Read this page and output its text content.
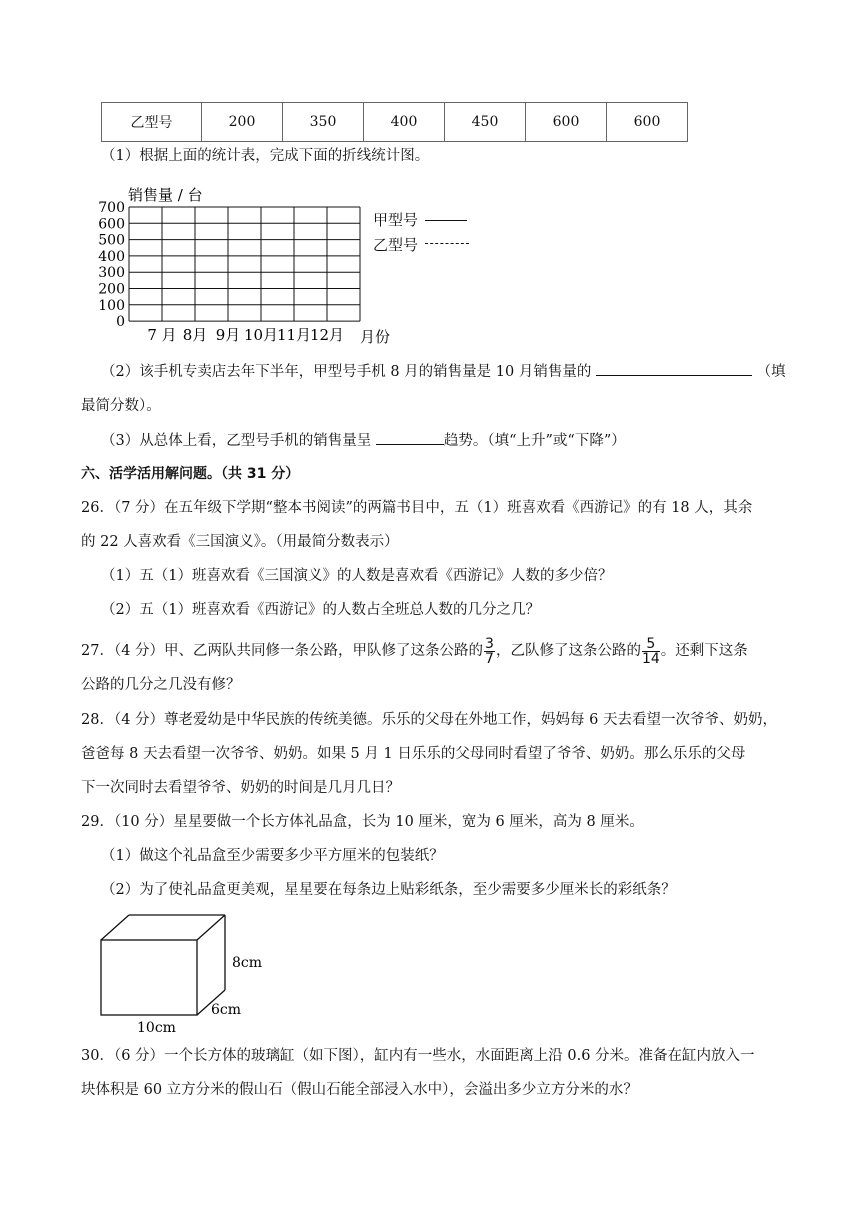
乙型号	200	350	400	450	600	600
（1）根据上面的统计表，完成下面的折线统计图。
销售量 / 台
700
600
500
400
300
200
100
0
7 月 8月 9月 10月
11月
12月 月份
甲型号
乙型号
（2）该手机专卖店去年下半年，甲型号手机 8 月的销售量是 10 月销售量的	（填
最简分数）。
（3）从总体上看，乙型号手机的销售量呈	趋势。（填“上升”或“下降”）
六、活学活用解问题。（共 31 分）
26．（7 分）在五年级下学期“整本书阅读”的两篇书目中，五（1）班喜欢看《西游记》的有 18 人，其余
的 22 人喜欢看《三国演义》。（用最简分数表示）
（1）五（1）班喜欢看《三国演义》的人数是喜欢看《西游记》人数的多少倍？
（2）五（1）班喜欢看《西游记》的人数占全班总人数的几分之几？
27．（4 分）甲、乙两队共同修一条公路，甲队修了这条公路的 $\frac{3}{7}$ ，乙队修了这条公路的 $\frac{5}{14}$ 。还剩下这条
公路的几分之几没有修？
28．（4 分）尊老爱幼是中华民族的传统美德。乐乐的父母在外地工作，妈妈每 6 天去看望一次爷爷、奶奶，
爸爸每 8 天去看望一次爷爷、奶奶。如果 5 月 1 日乐乐的父母同时看望了爷爷、奶奶。那么乐乐的父母
下一次同时去看望爷爷、奶奶的时间是几月几日？
29．（10 分）星星要做一个长方体礼品盒，长为 10 厘米，宽为 6 厘米，高为 8 厘米。
（1）做这个礼品盒至少需要多少平方厘米的包装纸？
（2）为了使礼品盒更美观，星星要在每条边上贴彩纸条，至少需要多少厘米长的彩纸条？
8cm
6cm
10cm
30．（6 分）一个长方体的玻璃缸（如下图），缸内有一些水，水面距离上沿 0.6 分米。准备在缸内放入一
块体积是 60 立方分米的假山石（假山石能全部浸入水中），会溢出多少立方分米的水？
